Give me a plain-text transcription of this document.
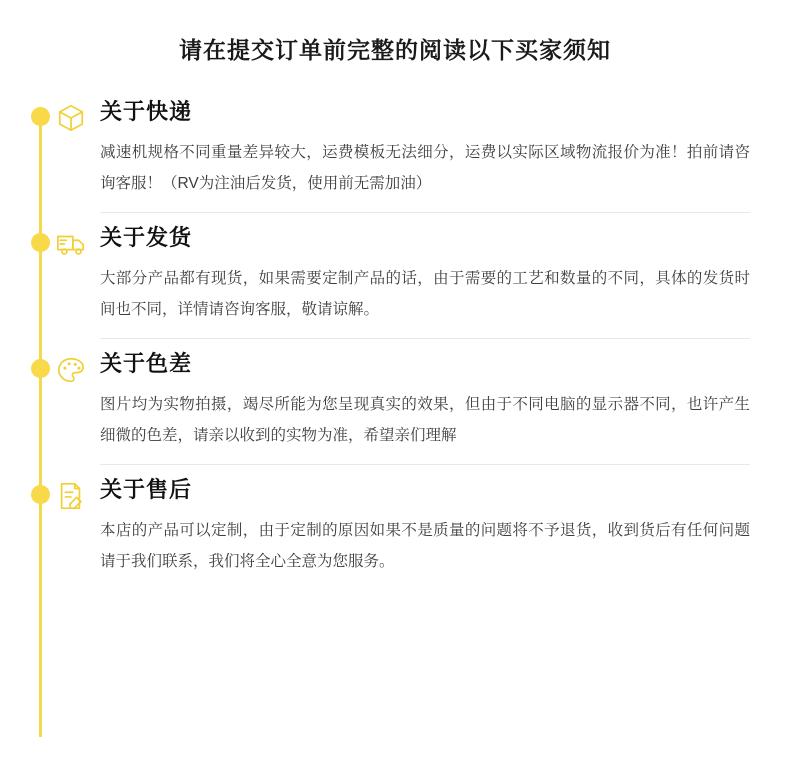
请在提交订单前完整的阅读以下买家须知
关于快递

减速机规格不同重量差异较大，运费模板无法细分，运费以实际区域物流报价为准！拍前请咨询客服！（RV为注油后发货，使用前无需加油）

关于发货

大部分产品都有现货，如果需要定制产品的话，由于需要的工艺和数量的不同，具体的发货时间也不同，详情请咨询客服，敬请谅解。

关于色差

图片均为实物拍摄，竭尽所能为您呈现真实的效果，但由于不同电脑的显示器不同，也许产生细微的色差，请亲以收到的实物为准，希望亲们理解

关于售后

本店的产品可以定制，由于定制的原因如果不是质量的问题将不予退货，收到货后有任何问题请于我们联系，我们将全心全意为您服务。
